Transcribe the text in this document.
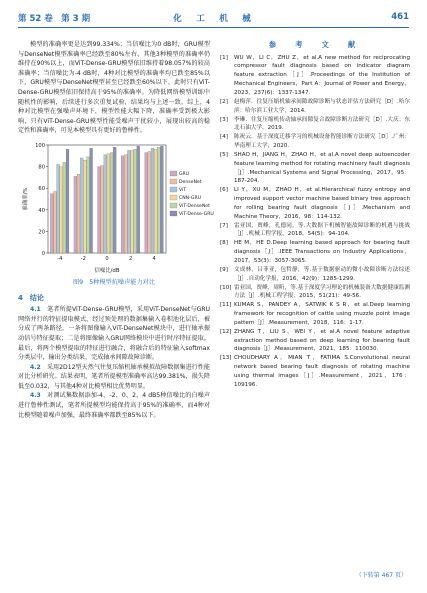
第 52 卷　第 3 期	化　工　机　械	461

模型的准确率更是达到99.334%；当信噪比为0 dB时，GRU模型与DenseNet模型准确率已经跌至80%左右，其他3种模型的准确率仍维持在90%以上，而ViT-Dense-GRU模型依旧维持着98.057%的较高准确率；当信噪比为-4 dB时，4种对比模型的准确率均已跌至85%以下，GRU模型与DenseNet模型甚至已经跌至60%以下，此时只有ViT-Dense-GRU模型依旧保持高于95%的准确率。为降低网络模型训练中随机性的影响，后续进行多次重复试验，结果均与上述一致。综上，4种对比模型在强噪声环境下，模型性能大幅下降，准确率受到极大影响，只有ViT-Dense-GRU模型性能受噪声干扰较小，展现出较高的稳定性和准确率，可见本模型具有更好的鲁棒性。

0
20
40
60
80
100
-4	-2	0	2	4
信噪比/dB
准确率/%
GRU
DenseNet
ViT
CNN-GRU
ViT-DenseNet
ViT-Dense-GRU
图9　5种模型抗噪声能力对比
4　结论

4.1　 笔者所提ViT-Dense-GRU模型，采用ViT-DenseNet与GRU网络并行的特征提取模式，经过预处理的数据集输入卷积池化层后，被分成了两条路径，一条将图像输入ViT-DenseNet模块中，进行轴承振动信号特征提取；二是将图像输入GRU网络模块中进行时序特征提取。最后，将两个模型提取的特征进行融合，将融合后的特征输入softmax分类层中，输出分类结果，完成轴承间隙故障诊断。

4.2　 采用2D12型天然气往复压缩机轴承模拟故障数据集进行性能对比分析研究。结果表明，笔者所提模型准确率高达99.381%，损失降低至0.032，与其他4种对比模型相比优势明显。

4.3　 对测试集数据添加-4、-2、0、2、4 dB5种信噪比的白噪声进行鲁棒性测试，笔者所提模型均能保持高于95%的准确率，而4种对比模型随着噪声加强，最终准确率都跌至85%以下。

参　考　文　献
[1]	WU W，LI C，ZHU Z，et al.A new method for reciprocating compressor fault diagnosis based on indicator diagram feature extraction［J］.Proceedings of the Institution of Mechanical Engineers，Part A：Journal of Power and Energy，2023，237(6)：1337-1347.
[2]	赵梅萍．往复压缩机轴承间隙故障诊断与状态评估方法研究［D］.哈尔滨：哈尔滨工业大学，2014.
[3]	李琳．往复压缩机传动轴承间隙复合故障诊断方法研究［D］.大庆：东北石油大学，2019.
[4]	陈祝云．基于深度迁移学习的机械设备智能诊断方法研究［D］.广州：华南理工大学，2020.
[5]	SHAO H，JIANG H，ZHAO H，et al.A novel deep autoencoder feature learning method for rotating machinery fault diagnosis［J］.Mechanical Systems and Signal Processing，2017，95：187-204.
[6]	LI Y，XU M，ZHAO H，et al.Hierarchical fuzzy entropy and improved support vector machine based binary tree approach for rolling bearing fault diagnosis［J］.Mechanism and Machine Theory，2016，98：114-132.
[7]	雷亚国，贾峰，孔德同，等.大数据下机械智能故障诊断的机遇与挑战［J］.机械工程学报，2018，54(5)：94-104.
[8]	HE M，HE D.Deep learning based approach for bearing fault diagnosis［J］.IEEE Transactions on Industry Applications，2017，53(3)：3057-3065.
[9]	文成林，吕菲亚，包哲静，等.基于数据驱动的微小故障诊断方法综述［J］.自动化学报，2016，42(9)：1285-1299.
[10] 雷亚国，贾峰，周昕，等.基于深度学习理论的机械装备大数据健康监测方法［J］.机械工程学报，2015，51(21)：49-56.
[11] KUMAR S，PANDEY A，SATWIK K S R，et al.Deep learning framework for recognition of cattle using muzzle point image pattern［J］.Measurement，2018，116：1-17.
[12] ZHANG T，LIU S，WEI Y，et al.A novel feature adaptive extraction method based on deep learning for bearing fault diagnosis［J］.Measurement，2021，185：110030.
[13] CHOUDHARY A，MIAN T，FATIMA S.Convolutional neural network based bearing fault diagnosis of rotating machine using thermal images［J］.Measurement，2021，176：109196.
（下转第 467 页）
